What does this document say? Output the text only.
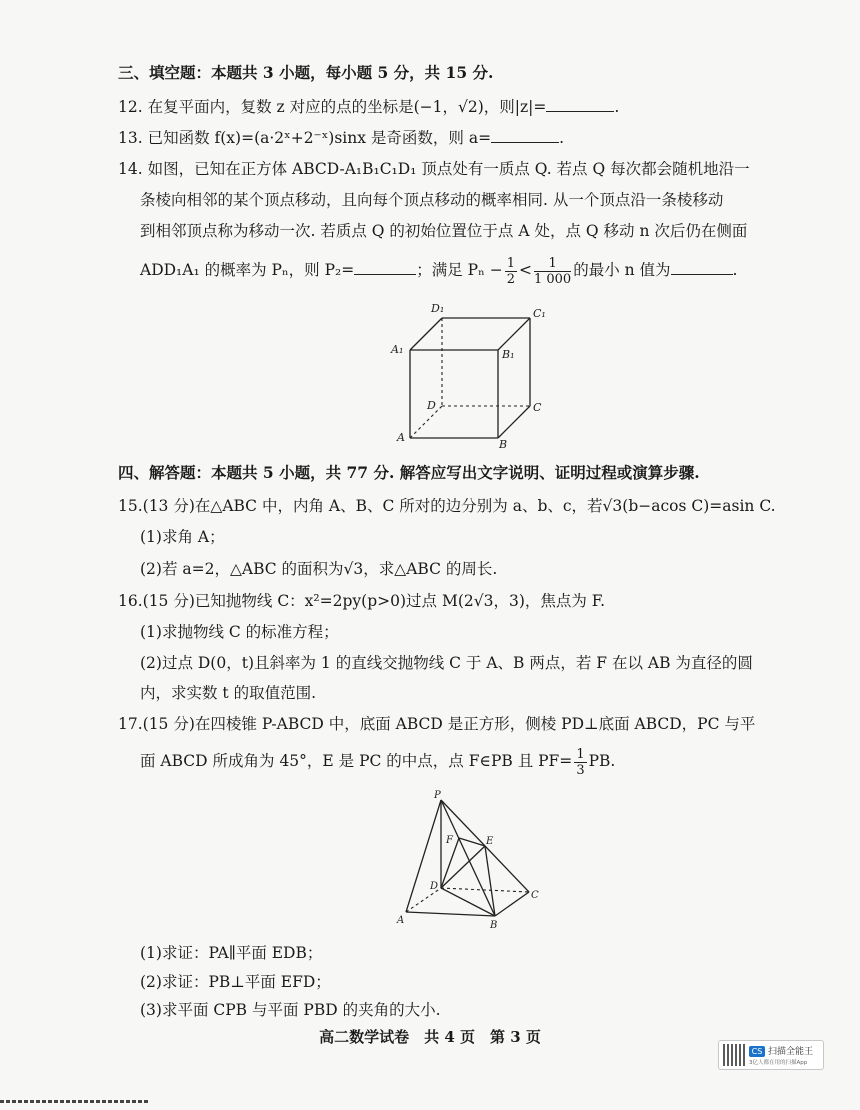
三、填空题：本题共 3 小题，每小题 5 分，共 15 分.
12. 在复平面内，复数 z 对应的点的坐标是(−1，√2)，则|z|=	.
13. 已知函数 f(x)=(a·2ˣ+2⁻ˣ)sinx 是奇函数，则 a=	.
14. 如图，已知在正方体 ABCD-A₁B₁C₁D₁ 顶点处有一质点 Q. 若点 Q 每次都会随机地沿一
条棱向相邻的某个顶点移动，且向每个顶点移动的概率相同. 从一个顶点沿一条棱移动
到相邻顶点称为移动一次. 若质点 Q 的初始位置位于点 A 处，点 Q 移动 n 次后仍在侧面
ADD₁A₁ 的概率为 Pₙ，则 P₂=	；满足 $P_n - \frac{1}{2} < \frac{1}{1 000}$ 的最小 n 值为	.
D₁	C₁
A₁	B₁
D	C
A
B
四、解答题：本题共 5 小题，共 77 分. 解答应写出文字说明、证明过程或演算步骤.
15.(13 分)在△ABC 中，内角 A、B、C 所对的边分别为 a、b、c，若√3(b−acos C)=asin C.
(1)求角 A；
(2)若 a=2，△ABC 的面积为√3，求△ABC 的周长.
16.(15 分)已知抛物线 C：x²=2py(p>0)过点 M(2√3，3)，焦点为 F.
(1)求抛物线 C 的标准方程；
(2)过点 D(0，t)且斜率为 1 的直线交抛物线 C 于 A、B 两点，若 F 在以 AB 为直径的圆
内，求实数 t 的取值范围.
17.(15 分)在四棱锥 P-ABCD 中，底面 ABCD 是正方形，侧棱 PD⊥底面 ABCD，PC 与平
面 ABCD 所成角为 45°，E 是 PC 的中点，点 F∈PB 且 $PF= \frac{1}{3}$ PB.
P
F	E
D
C
A	B
(1)求证：PA∥平面 EDB；
(2)求证：PB⊥平面 EFD；
(3)求平面 CPB 与平面 PBD 的夹角的大小.
高二数学试卷　共 4 页　第 3 页
CS 扫描全能王
3亿人都在用的扫描App
